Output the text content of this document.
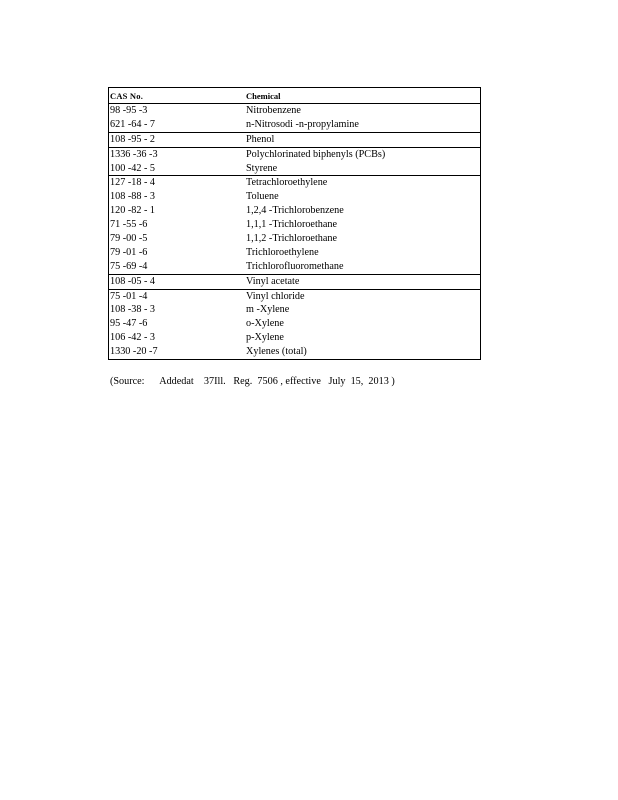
CAS No.	Chemical
98 -95 -3	Nitrobenzene
621 -64 - 7	n-Nitrosodi -n-propylamine
108 -95 - 2	Phenol
1336 -36 -3	Polychlorinated biphenyls (PCBs)
100 -42 - 5	Styrene
127 -18 - 4	Tetrachloroethylene
108 -88 - 3	Toluene
120 -82 - 1	1,2,4 -Trichlorobenzene
71 -55 -6	1,1,1 -Trichloroethane
79 -00 -5	1,1,2 -Trichloroethane
79 -01 -6	Trichloroethylene
75 -69 -4	Trichlorofluoromethane
108 -05 - 4	Vinyl acetate
75 -01 -4	Vinyl chloride
108 -38 - 3	m -Xylene
95 -47 -6	o-Xylene
106 -42 - 3	p-Xylene
1330 -20 -7	Xylenes (total)
(Source:      Addedat    37Ill.   Reg.  7506 , effective   July  15,  2013 )
